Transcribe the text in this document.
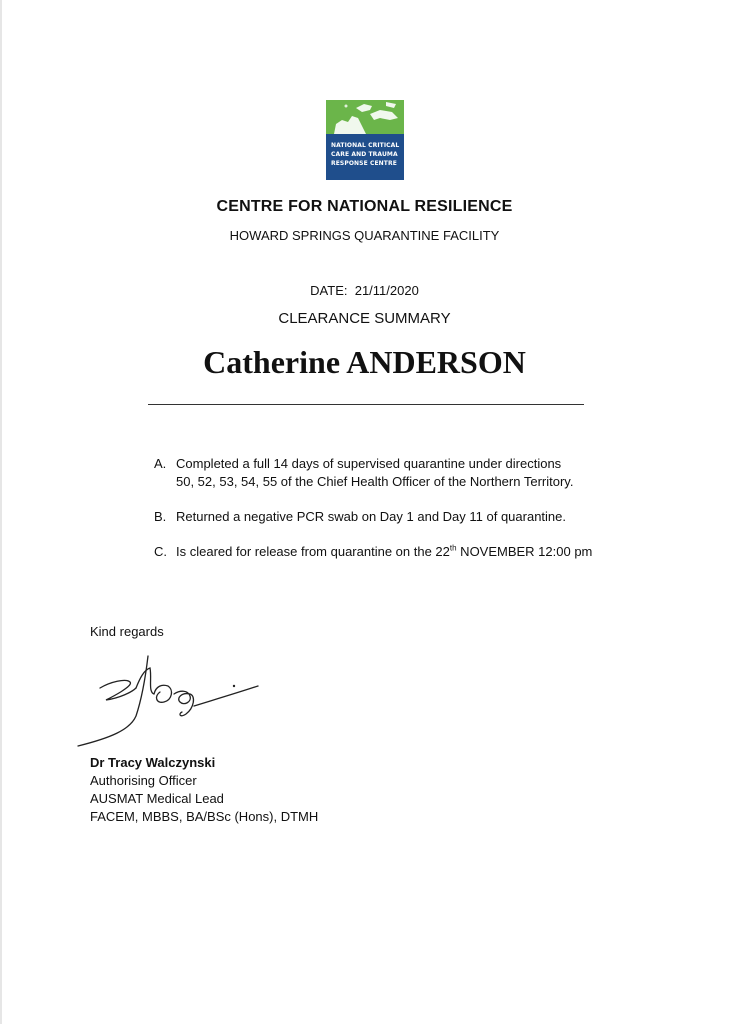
NATIONAL CRITICAL
CARE AND TRAUMA
RESPONSE CENTRE
CENTRE FOR NATIONAL RESILIENCE
HOWARD SPRINGS QUARANTINE FACILITY
DATE: 21/11/2020
CLEARANCE SUMMARY
Catherine ANDERSON
A. Completed a full 14 days of supervised quarantine under directions
50, 52, 53, 54, 55 of the Chief Health Officer of the Northern Territory.
B. Returned a negative PCR swab on Day 1 and Day 11 of quarantine.
C. Is cleared for release from quarantine on the 22th NOVEMBER 12:00 pm
Kind regards
Dr Tracy Walczynski
Authorising Officer
AUSMAT Medical Lead
FACEM, MBBS, BA/BSc (Hons), DTMH
